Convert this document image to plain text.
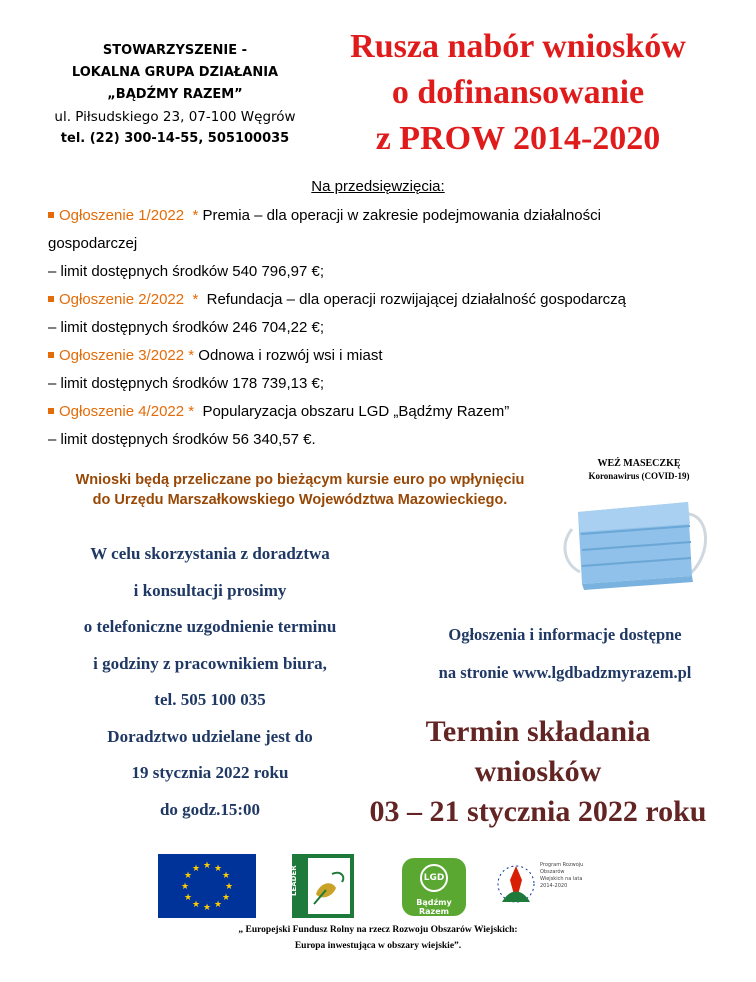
STOWARZYSZENIE -
LOKALNA GRUPA DZIAŁANIA
„BĄDŹMY RAZEM”
ul. Piłsudskiego 23, 07-100 Węgrów
tel. (22) 300-14-55, 505100035
Rusza nabór wniosków
o dofinansowanie
z PROW 2014-2020
Na przedsięwzięcia:
Ogłoszenie 1/2022 * Premia – dla operacji w zakresie podejmowania działalności
gospodarczej
– limit dostępnych środków 540 796,97 €;
Ogłoszenie 2/2022 *  Refundacja – dla operacji rozwijającej działalność gospodarczą
– limit dostępnych środków 246 704,22 €;
Ogłoszenie 3/2022 * Odnowa i rozwój wsi i miast
– limit dostępnych środków 178 739,13 €;
Ogłoszenie 4/2022 *  Popularyzacja obszaru LGD „Bądźmy Razem”
– limit dostępnych środków 56 340,57 €.
Wnioski będą przeliczane po bieżącym kursie euro po wpłynięciu
do Urzędu Marszałkowskiego Województwa Mazowieckiego.
WEŹ MASECZKĘ
Koronawirus (COVID-19)
W celu skorzystania z doradztwa
i konsultacji prosimy
o telefoniczne uzgodnienie terminu
i godziny z pracownikiem biura,
tel. 505 100 035
Doradztwo udzielane jest do
19 stycznia 2022 roku
do godz.15:00
Ogłoszenia i informacje dostępne
na stronie www.lgdbadzmyrazem.pl
Termin składania
wniosków
03 – 21 stycznia 2022 roku
★ ★
★
★
★
★
★
★
★
★
★
★	LEADER	LGD
Bądźmy Razem
Program Rozwoju Obszarów Wiejskich na lata 2014-2020
„ Europejski Fundusz Rolny na rzecz Rozwoju Obszarów Wiejskich:
Europa inwestująca w obszary wiejskie”.
